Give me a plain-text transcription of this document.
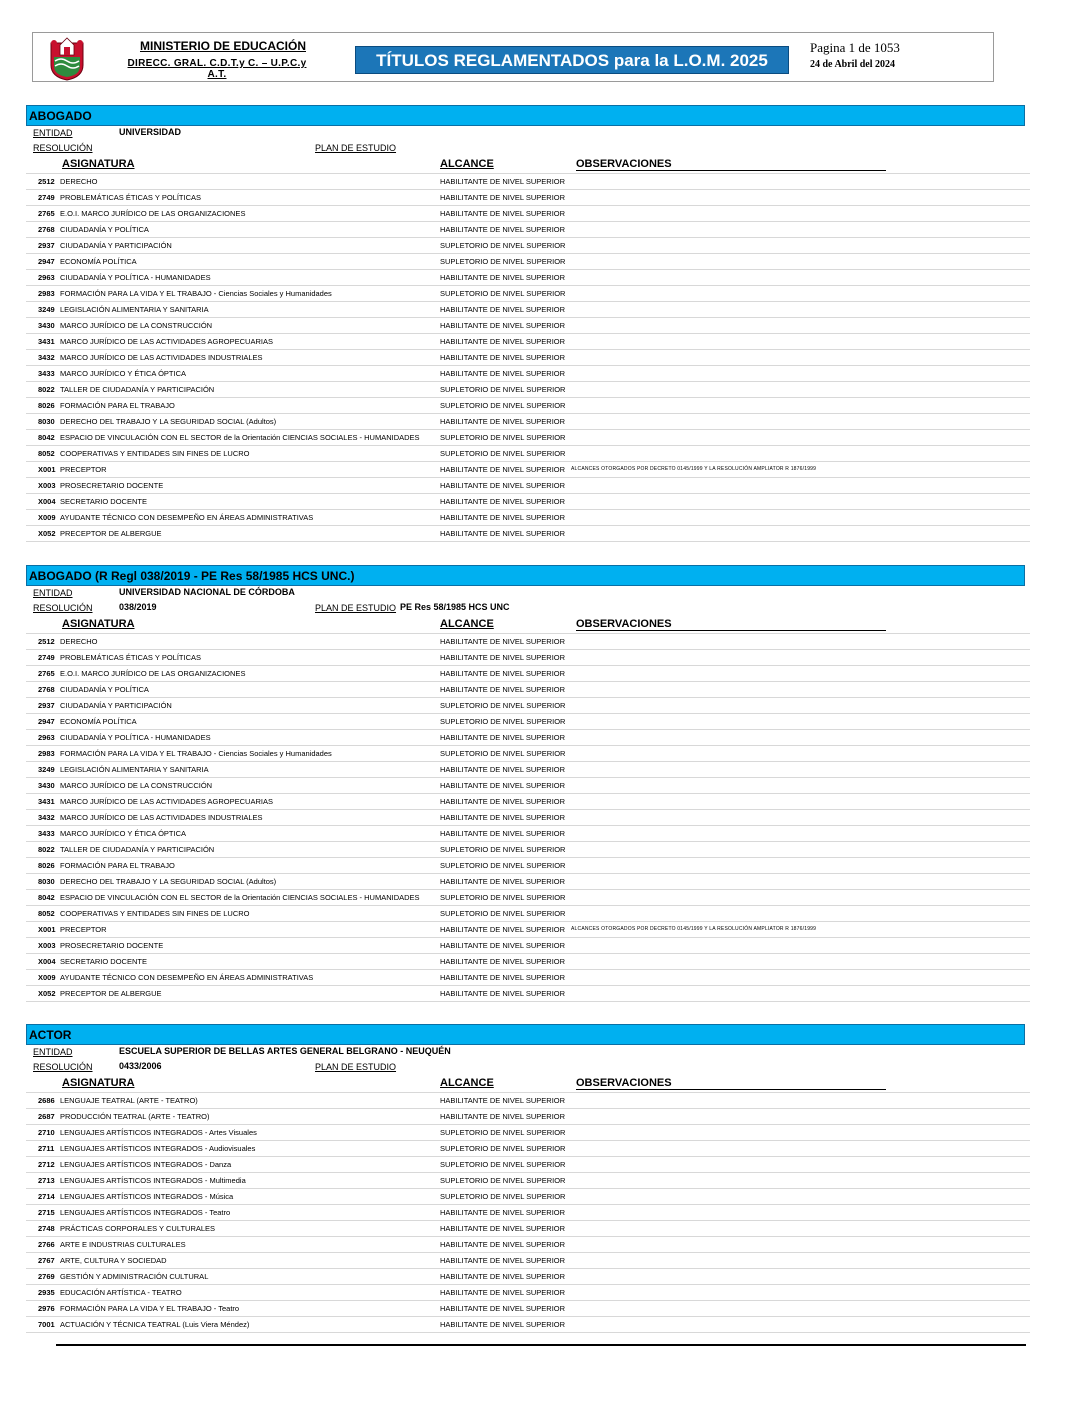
MINISTERIO DE EDUCACIÓN
DIRECC. GRAL. C.D.T.y C. – U.P.C.y A.T.
TÍTULOS REGLAMENTADOS para la L.O.M. 2025
Pagina 1 de 1053
24 de Abril del 2024
ABOGADO
ENTIDAD	UNIVERSIDAD
RESOLUCIÓN	PLAN DE ESTUDIO
ASIGNATURA	ALCANCE	OBSERVACIONES
2512 DERECHO	HABILITANTE DE NIVEL SUPERIOR
2749 PROBLEMÁTICAS ÉTICAS Y POLÍTICAS	HABILITANTE DE NIVEL SUPERIOR
2765 E.O.I. MARCO JURÍDICO DE LAS ORGANIZACIONES	HABILITANTE DE NIVEL SUPERIOR
2768 CIUDADANÍA Y POLÍTICA	HABILITANTE DE NIVEL SUPERIOR
2937 CIUDADANÍA Y PARTICIPACIÓN	SUPLETORIO DE NIVEL SUPERIOR
2947 ECONOMÍA POLÍTICA	SUPLETORIO DE NIVEL SUPERIOR
2963 CIUDADANÍA Y POLÍTICA - HUMANIDADES	HABILITANTE DE NIVEL SUPERIOR
2983 FORMACIÓN PARA LA VIDA Y EL TRABAJO - Ciencias Sociales y Humanidades	SUPLETORIO DE NIVEL SUPERIOR
3249 LEGISLACIÓN ALIMENTARIA Y SANITARIA	HABILITANTE DE NIVEL SUPERIOR
3430 MARCO JURÍDICO DE LA CONSTRUCCIÓN	HABILITANTE DE NIVEL SUPERIOR
3431 MARCO JURÍDICO DE LAS ACTIVIDADES AGROPECUARIAS	HABILITANTE DE NIVEL SUPERIOR
3432 MARCO JURÍDICO DE LAS ACTIVIDADES INDUSTRIALES	HABILITANTE DE NIVEL SUPERIOR
3433 MARCO JURÍDICO Y ÉTICA ÓPTICA	HABILITANTE DE NIVEL SUPERIOR
8022 TALLER DE CIUDADANÍA Y PARTICIPACIÓN	SUPLETORIO DE NIVEL SUPERIOR
8026 FORMACIÓN PARA EL TRABAJO	SUPLETORIO DE NIVEL SUPERIOR
8030 DERECHO DEL TRABAJO Y LA SEGURIDAD SOCIAL (Adultos)	HABILITANTE DE NIVEL SUPERIOR
8042 ESPACIO DE VINCULACIÓN CON EL SECTOR de la Orientación CIENCIAS SOCIALES - HUMANIDADES	SUPLETORIO DE NIVEL SUPERIOR
8052 COOPERATIVAS Y ENTIDADES SIN FINES DE LUCRO	SUPLETORIO DE NIVEL SUPERIOR
X001 PRECEPTOR	HABILITANTE DE NIVEL SUPERIOR ALCANCES OTORGADOS POR DECRETO 0145/1999 Y LA RESOLUCIÓN AMPLIATOR R 1876/1999
X003 PROSECRETARIO DOCENTE	HABILITANTE DE NIVEL SUPERIOR
X004 SECRETARIO DOCENTE	HABILITANTE DE NIVEL SUPERIOR
X009 AYUDANTE TÉCNICO CON DESEMPEÑO EN ÁREAS ADMINISTRATIVAS	HABILITANTE DE NIVEL SUPERIOR
X052 PRECEPTOR DE ALBERGUE	HABILITANTE DE NIVEL SUPERIOR
ABOGADO (R Regl 038/2019 - PE Res 58/1985 HCS UNC.)
ENTIDAD	UNIVERSIDAD NACIONAL DE CÓRDOBA
RESOLUCIÓN	038/2019	PLAN DE ESTUDIO PE Res 58/1985 HCS UNC
ASIGNATURA	ALCANCE	OBSERVACIONES
2512 DERECHO	HABILITANTE DE NIVEL SUPERIOR
2749 PROBLEMÁTICAS ÉTICAS Y POLÍTICAS	HABILITANTE DE NIVEL SUPERIOR
2765 E.O.I. MARCO JURÍDICO DE LAS ORGANIZACIONES	HABILITANTE DE NIVEL SUPERIOR
2768 CIUDADANÍA Y POLÍTICA	HABILITANTE DE NIVEL SUPERIOR
2937 CIUDADANÍA Y PARTICIPACIÓN	SUPLETORIO DE NIVEL SUPERIOR
2947 ECONOMÍA POLÍTICA	SUPLETORIO DE NIVEL SUPERIOR
2963 CIUDADANÍA Y POLÍTICA - HUMANIDADES	HABILITANTE DE NIVEL SUPERIOR
2983 FORMACIÓN PARA LA VIDA Y EL TRABAJO - Ciencias Sociales y Humanidades	SUPLETORIO DE NIVEL SUPERIOR
3249 LEGISLACIÓN ALIMENTARIA Y SANITARIA	HABILITANTE DE NIVEL SUPERIOR
3430 MARCO JURÍDICO DE LA CONSTRUCCIÓN	HABILITANTE DE NIVEL SUPERIOR
3431 MARCO JURÍDICO DE LAS ACTIVIDADES AGROPECUARIAS	HABILITANTE DE NIVEL SUPERIOR
3432 MARCO JURÍDICO DE LAS ACTIVIDADES INDUSTRIALES	HABILITANTE DE NIVEL SUPERIOR
3433 MARCO JURÍDICO Y ÉTICA ÓPTICA	HABILITANTE DE NIVEL SUPERIOR
8022 TALLER DE CIUDADANÍA Y PARTICIPACIÓN	SUPLETORIO DE NIVEL SUPERIOR
8026 FORMACIÓN PARA EL TRABAJO	SUPLETORIO DE NIVEL SUPERIOR
8030 DERECHO DEL TRABAJO Y LA SEGURIDAD SOCIAL (Adultos)	HABILITANTE DE NIVEL SUPERIOR
8042 ESPACIO DE VINCULACIÓN CON EL SECTOR de la Orientación CIENCIAS SOCIALES - HUMANIDADES	SUPLETORIO DE NIVEL SUPERIOR
8052 COOPERATIVAS Y ENTIDADES SIN FINES DE LUCRO	SUPLETORIO DE NIVEL SUPERIOR
X001 PRECEPTOR	HABILITANTE DE NIVEL SUPERIOR ALCANCES OTORGADOS POR DECRETO 0145/1999 Y LA RESOLUCIÓN AMPLIATOR R 1876/1999
X003 PROSECRETARIO DOCENTE	HABILITANTE DE NIVEL SUPERIOR
X004 SECRETARIO DOCENTE	HABILITANTE DE NIVEL SUPERIOR
X009 AYUDANTE TÉCNICO CON DESEMPEÑO EN ÁREAS ADMINISTRATIVAS	HABILITANTE DE NIVEL SUPERIOR
X052 PRECEPTOR DE ALBERGUE	HABILITANTE DE NIVEL SUPERIOR
ACTOR
ENTIDAD	ESCUELA SUPERIOR DE BELLAS ARTES GENERAL BELGRANO - NEUQUÉN
RESOLUCIÓN	0433/2006	PLAN DE ESTUDIO
ASIGNATURA	ALCANCE	OBSERVACIONES
2686 LENGUAJE TEATRAL (ARTE - TEATRO)	HABILITANTE DE NIVEL SUPERIOR
2687 PRODUCCIÓN TEATRAL (ARTE - TEATRO)	HABILITANTE DE NIVEL SUPERIOR
2710 LENGUAJES ARTÍSTICOS INTEGRADOS - Artes Visuales	SUPLETORIO DE NIVEL SUPERIOR
2711 LENGUAJES ARTÍSTICOS INTEGRADOS - Audiovisuales	SUPLETORIO DE NIVEL SUPERIOR
2712 LENGUAJES ARTÍSTICOS INTEGRADOS - Danza	SUPLETORIO DE NIVEL SUPERIOR
2713 LENGUAJES ARTÍSTICOS INTEGRADOS - Multimedia	SUPLETORIO DE NIVEL SUPERIOR
2714 LENGUAJES ARTÍSTICOS INTEGRADOS - Música	SUPLETORIO DE NIVEL SUPERIOR
2715 LENGUAJES ARTÍSTICOS INTEGRADOS - Teatro	HABILITANTE DE NIVEL SUPERIOR
2748 PRÁCTICAS CORPORALES Y CULTURALES	HABILITANTE DE NIVEL SUPERIOR
2766 ARTE E INDUSTRIAS CULTURALES	HABILITANTE DE NIVEL SUPERIOR
2767 ARTE, CULTURA Y SOCIEDAD	HABILITANTE DE NIVEL SUPERIOR
2769 GESTIÓN Y ADMINISTRACIÓN CULTURAL	HABILITANTE DE NIVEL SUPERIOR
2935 EDUCACIÓN ARTÍSTICA - TEATRO	HABILITANTE DE NIVEL SUPERIOR
2976 FORMACIÓN PARA LA VIDA Y EL TRABAJO - Teatro	HABILITANTE DE NIVEL SUPERIOR
7001 ACTUACIÓN Y TÉCNICA TEATRAL (Luis Viera Méndez)	HABILITANTE DE NIVEL SUPERIOR
